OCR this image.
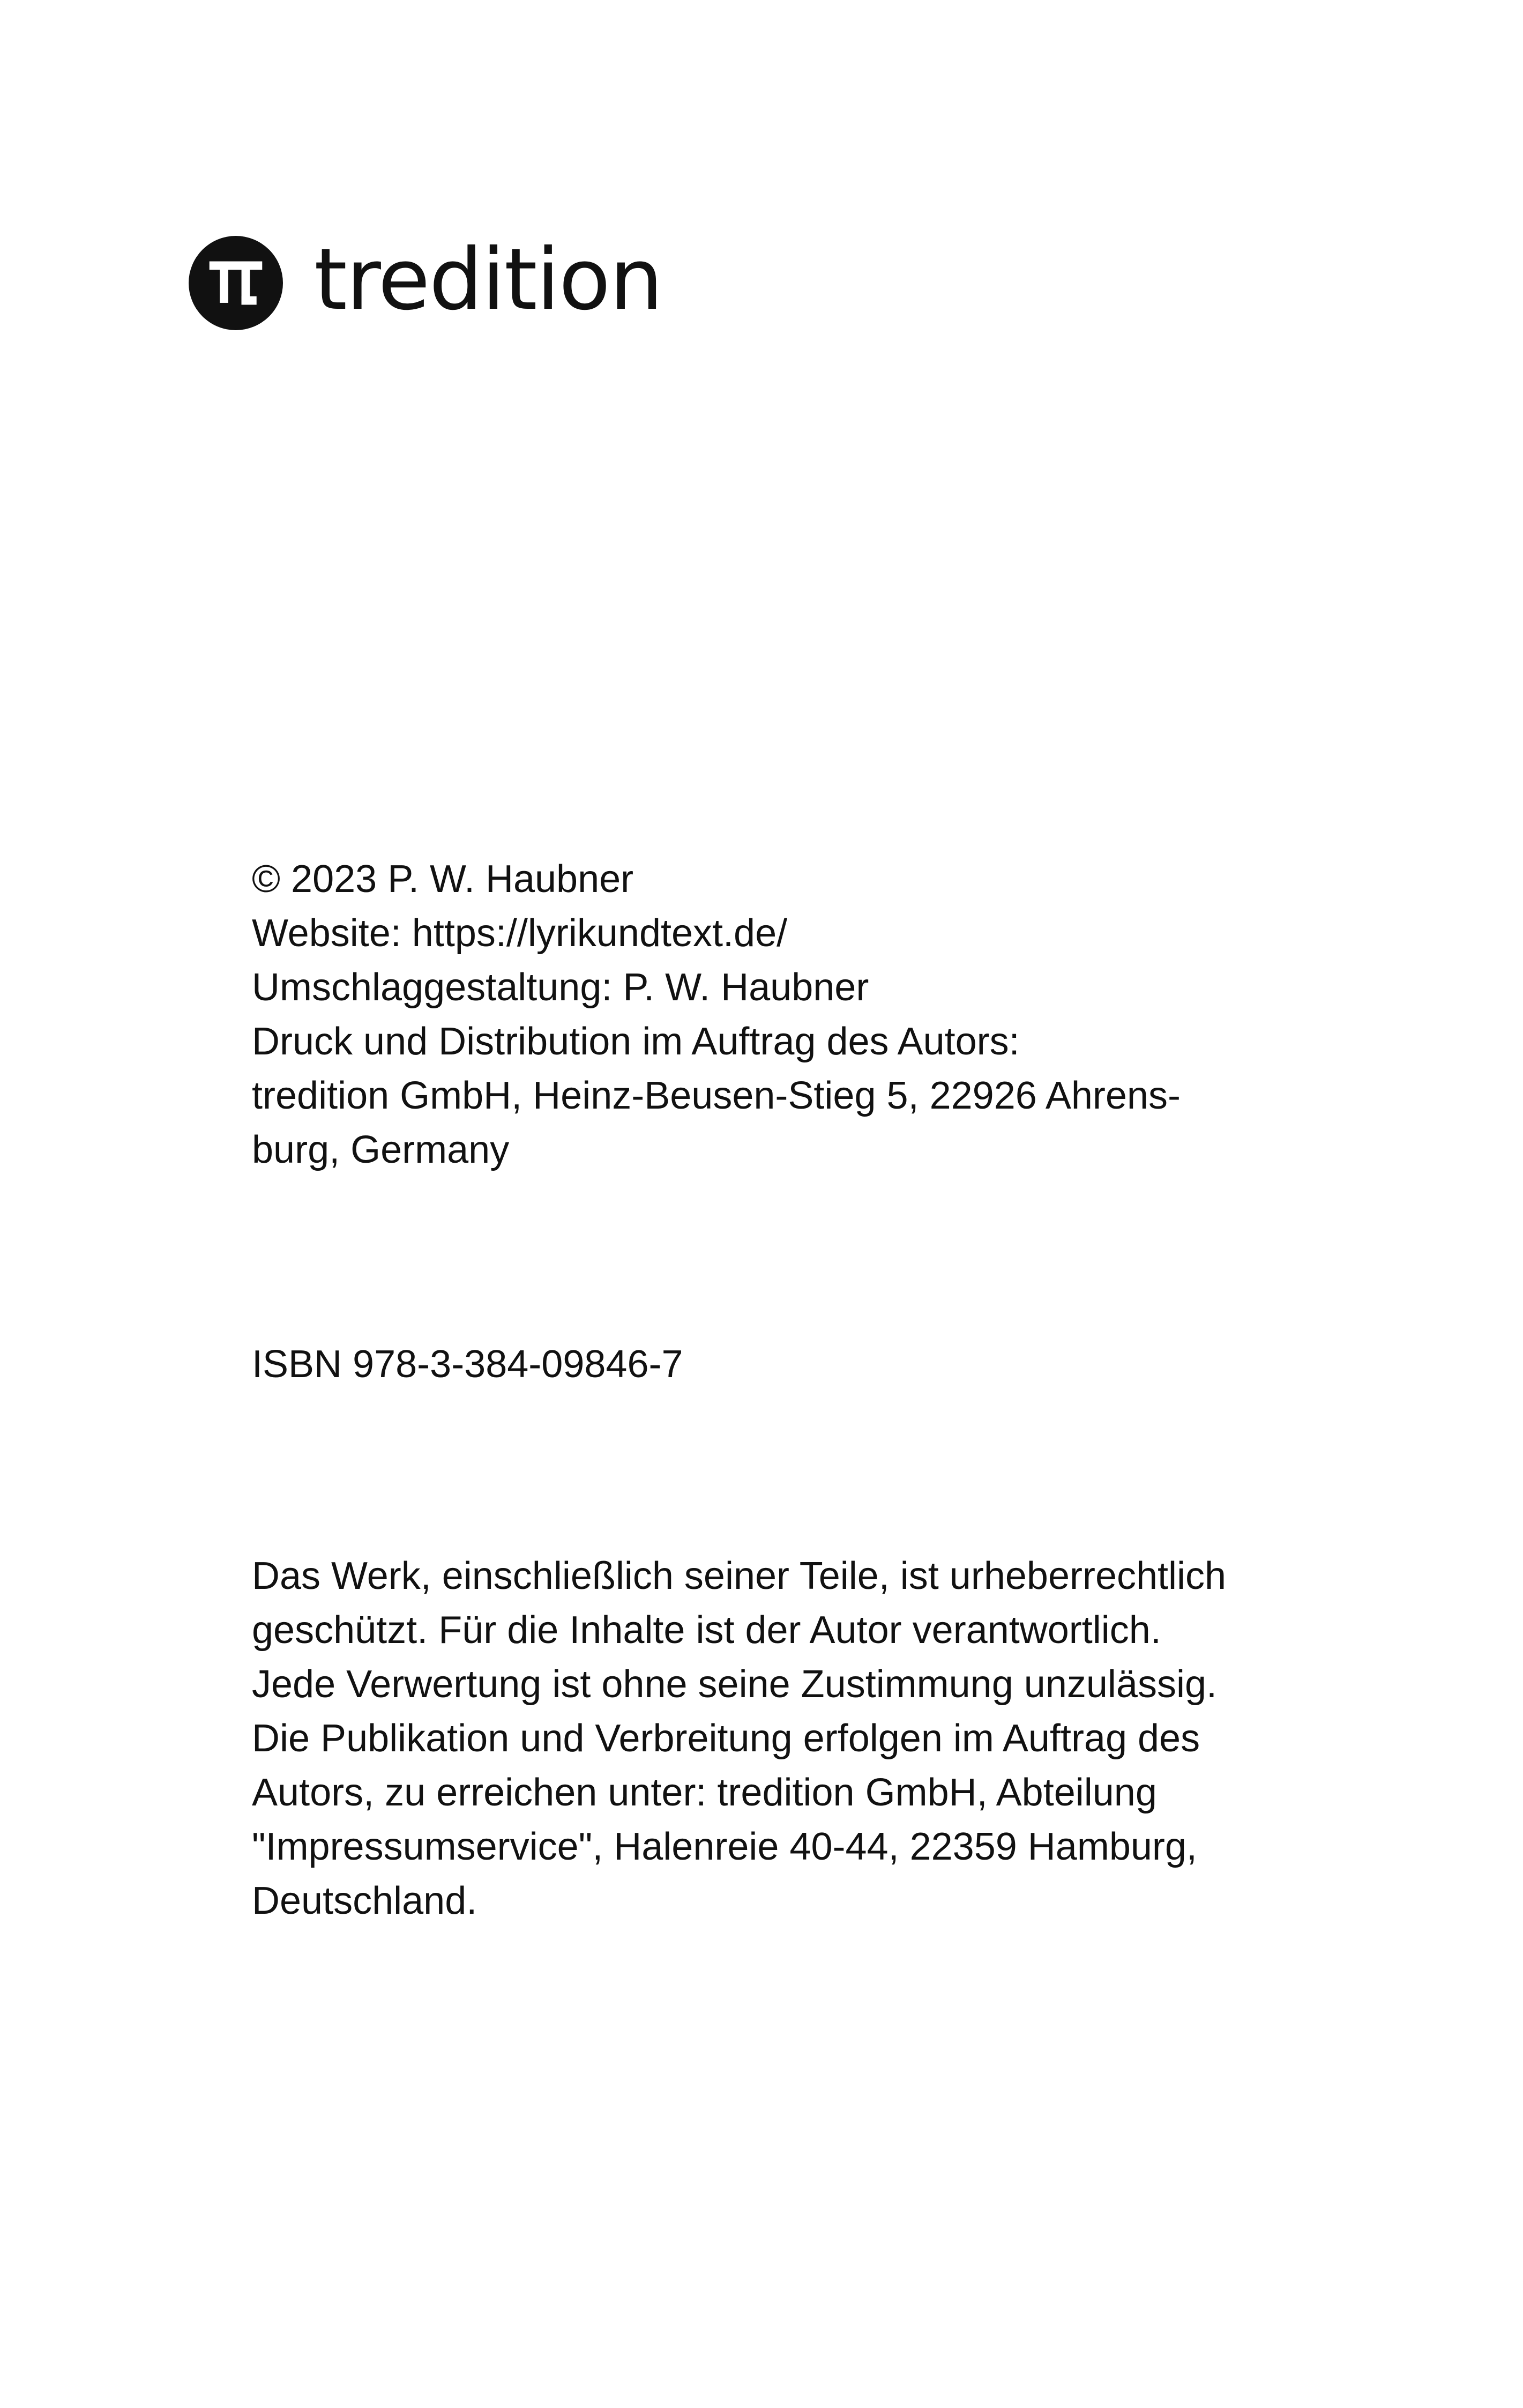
tredition
© 2023 P. W. Haubner
Website: https://lyrikundtext.de/
Umschlaggestaltung: P. W. Haubner
Druck und Distribution im Auftrag des Autors:
tredition GmbH, Heinz-Beusen-Stieg 5, 22926 Ahrens-
burg, Germany
ISBN 978-3-384-09846-7
Das Werk, einschließlich seiner Teile, ist urheberrechtlich
geschützt. Für die Inhalte ist der Autor verantwortlich.
Jede Verwertung ist ohne seine Zustimmung unzulässig.
Die Publikation und Verbreitung erfolgen im Auftrag des
Autors, zu erreichen unter: tredition GmbH, Abteilung
"Impressumservice", Halenreie 40-44, 22359 Hamburg,
Deutschland.
